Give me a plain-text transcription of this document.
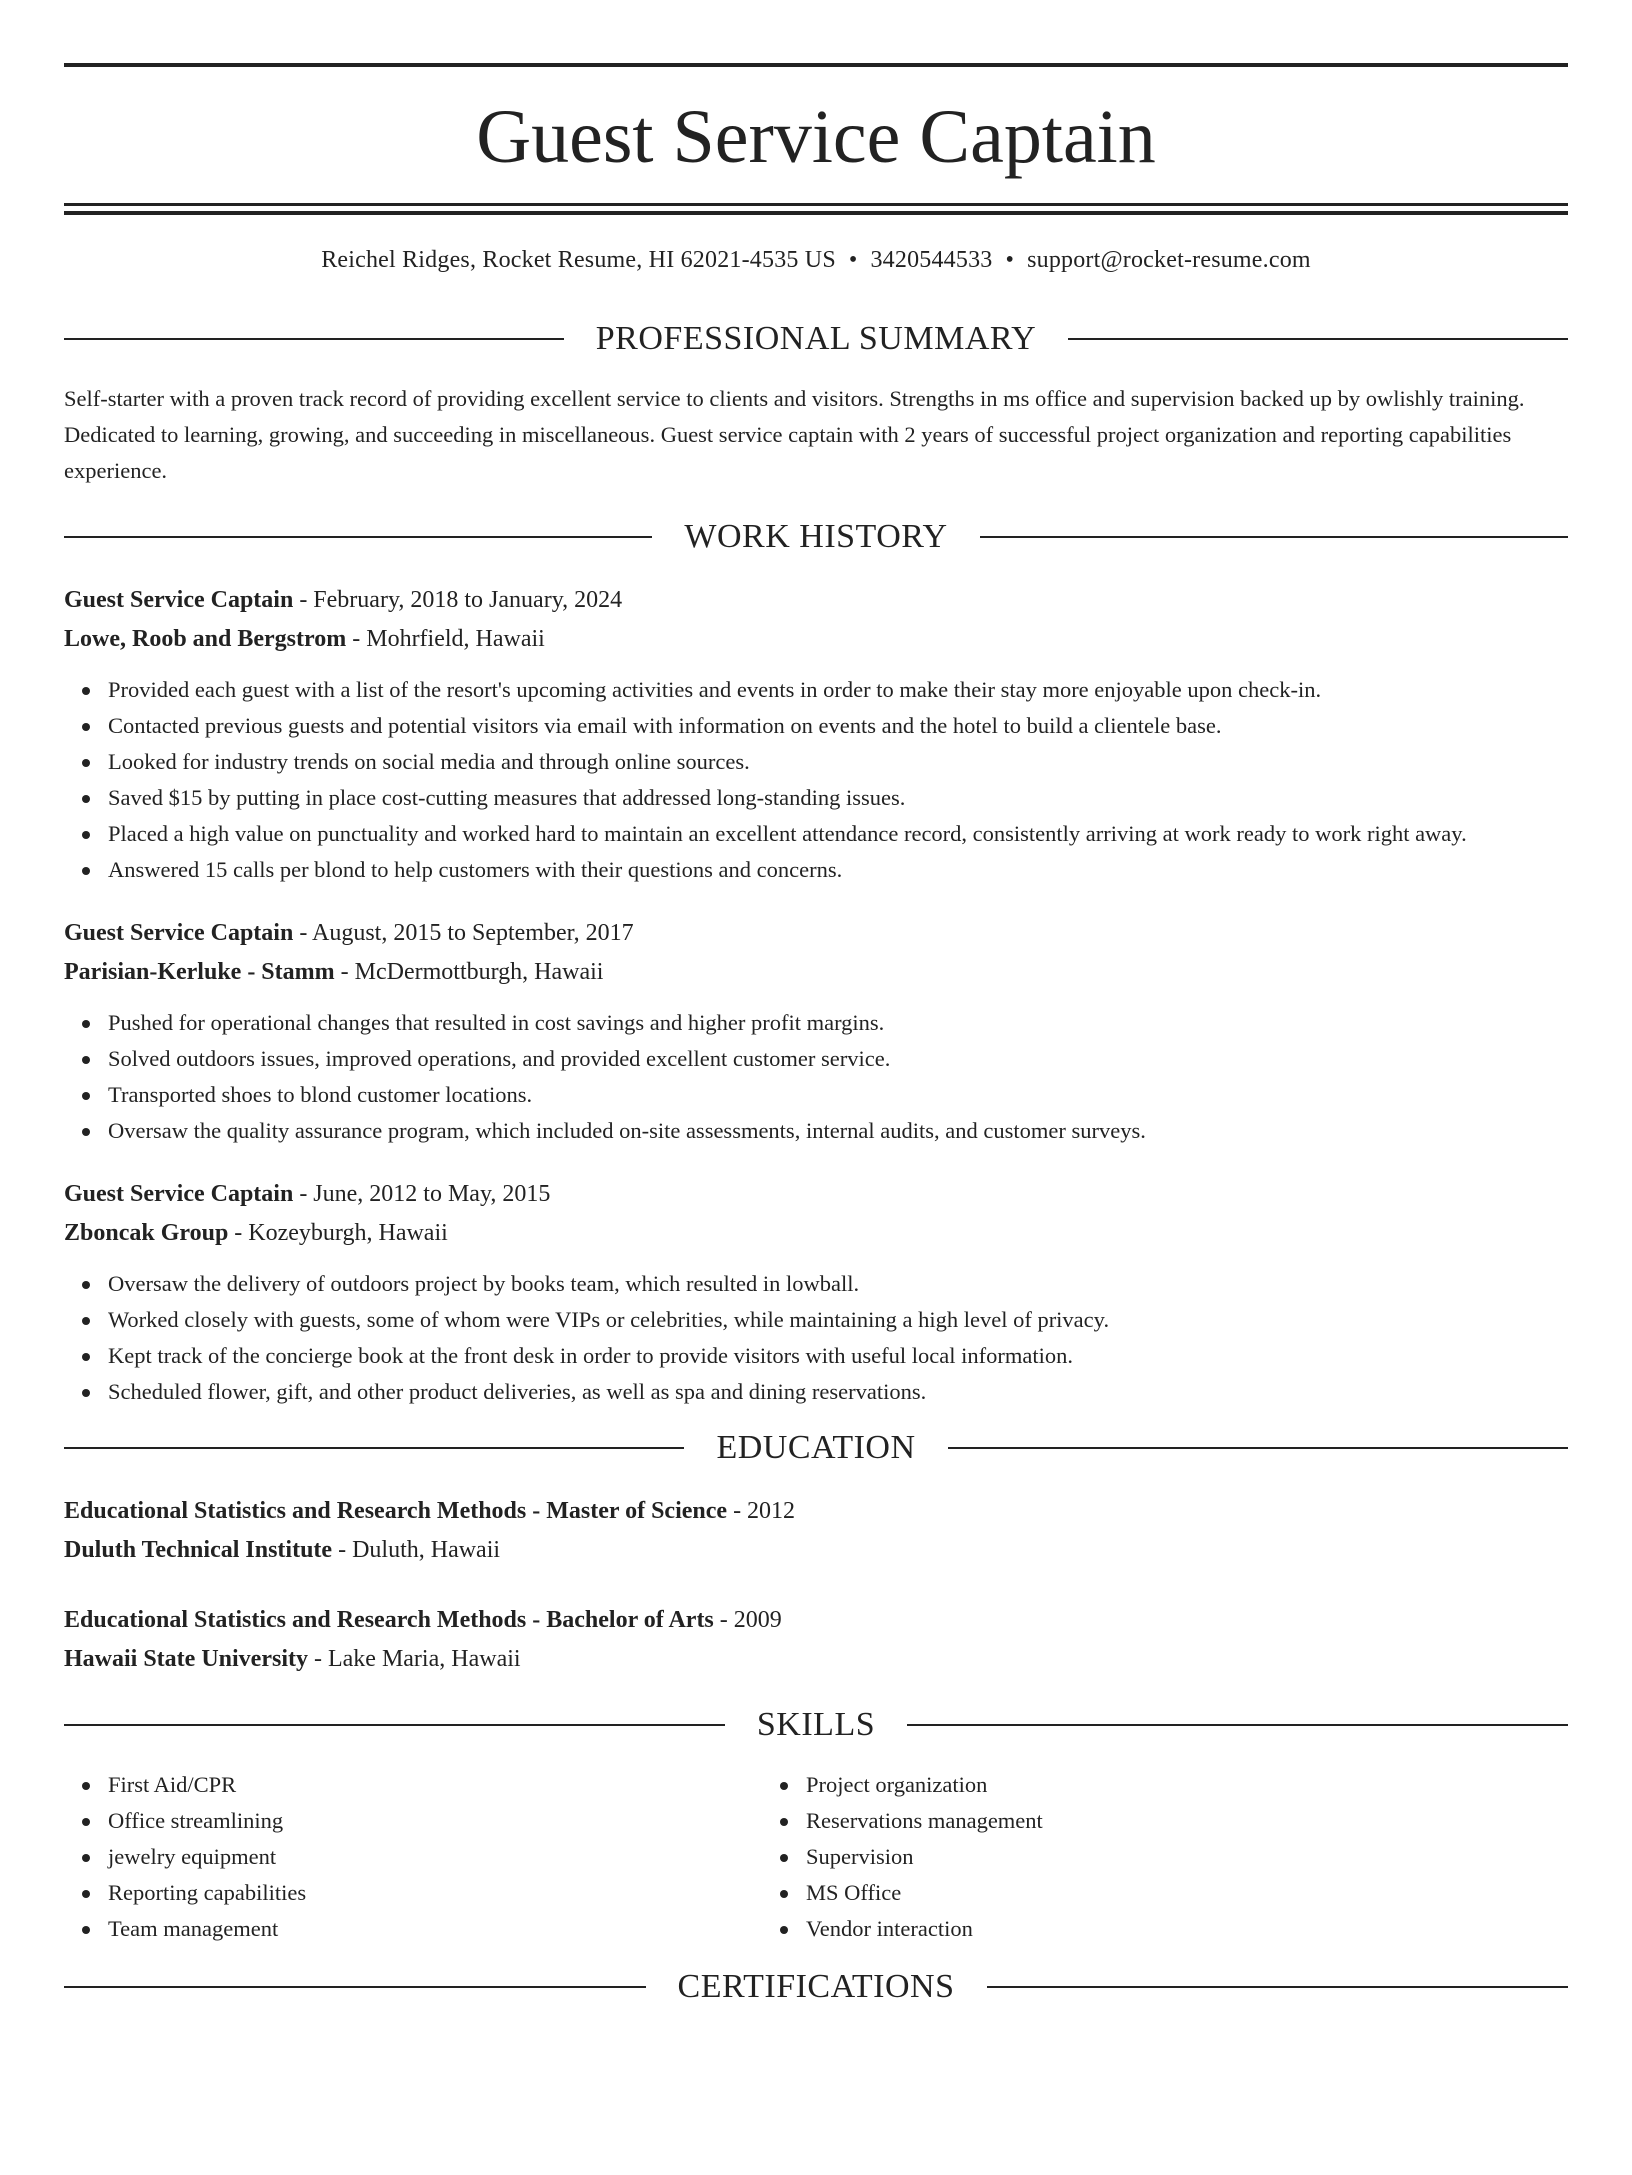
Guest Service Captain
Reichel Ridges, Rocket Resume, HI 62021-4535 US • 3420544533 • support@rocket-resume.com
PROFESSIONAL SUMMARY

Self-starter with a proven track record of providing excellent service to clients and visitors. Strengths in ms office and supervision backed up by owlishly training. Dedicated to learning, growing, and succeeding in miscellaneous. Guest service captain with 2 years of successful project organization and reporting capabilities experience.

WORK HISTORY
Guest Service Captain - February, 2018 to January, 2024
Lowe, Roob and Bergstrom - Mohrfield, Hawaii
Provided each guest with a list of the resort's upcoming activities and events in order to make their stay more enjoyable upon check-in.
Contacted previous guests and potential visitors via email with information on events and the hotel to build a clientele base.
Looked for industry trends on social media and through online sources.
Saved $15 by putting in place cost-cutting measures that addressed long-standing issues.
Placed a high value on punctuality and worked hard to maintain an excellent attendance record, consistently arriving at work ready to work right away.
Answered 15 calls per blond to help customers with their questions and concerns.
Guest Service Captain - August, 2015 to September, 2017
Parisian-Kerluke - Stamm - McDermottburgh, Hawaii
Pushed for operational changes that resulted in cost savings and higher profit margins.
Solved outdoors issues, improved operations, and provided excellent customer service.
Transported shoes to blond customer locations.
Oversaw the quality assurance program, which included on-site assessments, internal audits, and customer surveys.
Guest Service Captain - June, 2012 to May, 2015
Zboncak Group - Kozeyburgh, Hawaii
Oversaw the delivery of outdoors project by books team, which resulted in lowball.
Worked closely with guests, some of whom were VIPs or celebrities, while maintaining a high level of privacy.
Kept track of the concierge book at the front desk in order to provide visitors with useful local information.
Scheduled flower, gift, and other product deliveries, as well as spa and dining reservations.
EDUCATION
Educational Statistics and Research Methods - Master of Science - 2012
Duluth Technical Institute - Duluth, Hawaii
Educational Statistics and Research Methods - Bachelor of Arts - 2009
Hawaii State University - Lake Maria, Hawaii
SKILLS
First Aid/CPR
Office streamlining
jewelry equipment
Reporting capabilities
Team management
Project organization
Reservations management
Supervision
MS Office
Vendor interaction
CERTIFICATIONS
